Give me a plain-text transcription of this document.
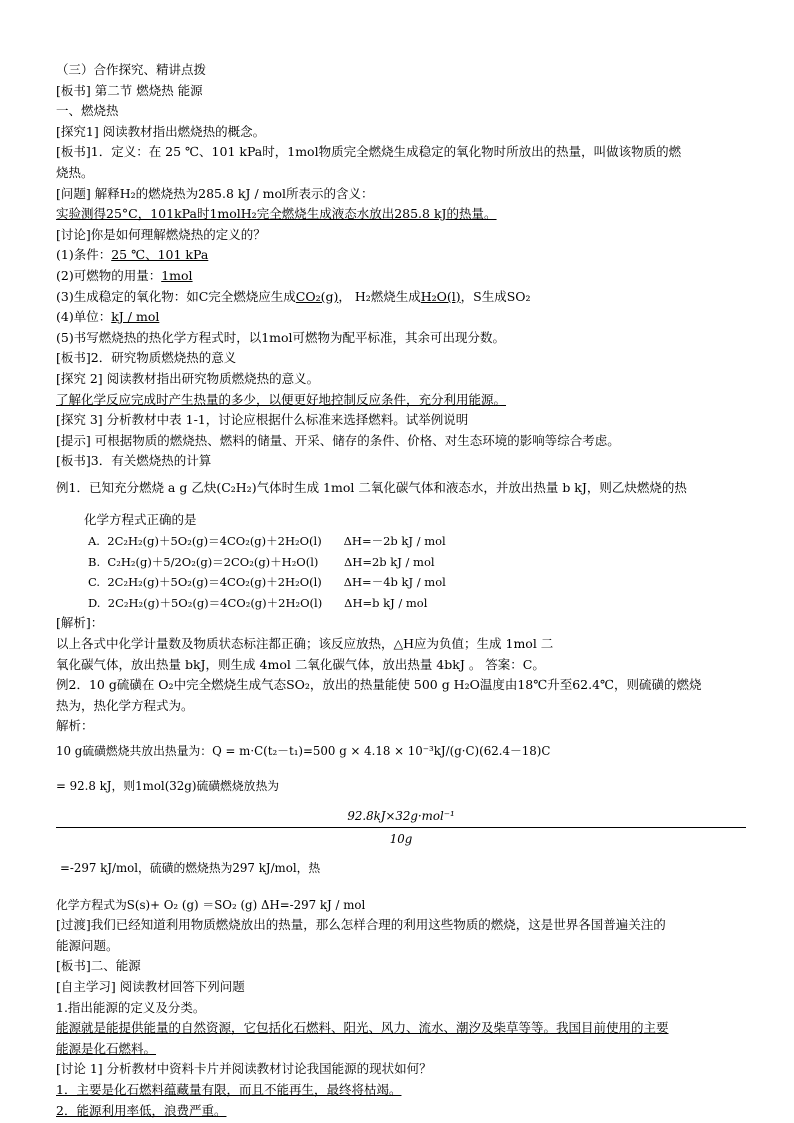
（三）合作探究、精讲点拨
[板书] 第二节 燃烧热 能源
一、燃烧热
[探究1] 阅读教材指出燃烧热的概念。
[板书]1．定义：在 25 ℃、101 kPa时，1mol物质完全燃烧生成稳定的氧化物时所放出的热量，叫做该物质的燃
烧热。
[问题] 解释H₂的燃烧热为285.8 kJ / mol所表示的含义：
实验测得25°C，101kPa时1molH₂完全燃烧生成液态水放出285.8 kJ的热量。
[讨论]你是如何理解燃烧热的定义的？
(1)条件：25 ℃、101 kPa
(2)可燃物的用量：1mol
(3)生成稳定的氧化物：如C完全燃烧应生成CO₂(g)， H₂燃烧生成H₂O(l)，S生成SO₂
(4)单位：kJ / mol
(5)书写燃烧热的热化学方程式时，以1mol可燃物为配平标准，其余可出现分数。
[板书]2．研究物质燃烧热的意义
[探究 2] 阅读教材指出研究物质燃烧热的意义。
了解化学反应完成时产生热量的多少，以便更好地控制反应条件，充分利用能源。
[探究 3] 分析教材中表 1-1，讨论应根据什么标准来选择燃料。试举例说明
[提示] 可根据物质的燃烧热、燃料的储量、开采、储存的条件、价格、对生态环境的影响等综合考虑。
[板书]3．有关燃烧热的计算
例1．已知充分燃烧 a g 乙炔(C₂H₂)气体时生成 1mol 二氧化碳气体和液态水，并放出热量 b kJ，则乙炔燃烧的热
化学方程式正确的是
A.  2C₂H₂(g)＋5O₂(g)＝4CO₂(g)＋2H₂O(l) ΔH=－2b kJ / mol
B.  C₂H₂(g)＋5/2O₂(g)＝2CO₂(g)＋H₂O(l) ΔH=2b kJ / mol
C.  2C₂H₂(g)＋5O₂(g)＝4CO₂(g)＋2H₂O(l) ΔH=－4b kJ / mol
D.  2C₂H₂(g)＋5O₂(g)＝4CO₂(g)＋2H₂O(l) ΔH=b kJ / mol
[解析]：
以上各式中化学计量数及物质状态标注都正确；该反应放热，△H应为负值；生成 1mol 二
氧化碳气体，放出热量 bkJ，则生成 4mol 二氧化碳气体，放出热量 4bkJ 。 答案：C。
例2．10 g硫磺在 O₂中完全燃烧生成气态SO₂，放出的热量能使 500 g H₂O温度由18℃升至62.4℃，则硫磺的燃烧
热为，热化学方程式为。
解析：
10 g硫磺燃烧共放出热量为：Q = m·C(t₂－t₁)=500 g × 4.18 × 10⁻³kJ/(g·C)(62.4－18)C
= 92.8 kJ，则1mol(32g)硫磺燃烧放热为
92.8kJ×32g·mol⁻¹
10g
=-297 kJ/mol，硫磺的燃烧热为297 kJ/mol，热
化学方程式为S(s)+ O₂ (g) ＝SO₂ (g) ΔH=-297 kJ / mol
[过渡]我们已经知道利用物质燃烧放出的热量，那么怎样合理的利用这些物质的燃烧，这是世界各国普遍关注的
能源问题。
[板书]二、能源
[自主学习] 阅读教材回答下列问题
1.指出能源的定义及分类。
能源就是能提供能量的自然资源，它包括化石燃料、阳光、风力、流水、潮汐及柴草等等。我国目前使用的主要
能源是化石燃料。
[讨论 1] 分析教材中资料卡片并阅读教材讨论我国能源的现状如何？
1．主要是化石燃料蕴藏量有限，而且不能再生，最终将枯竭。
2．能源利用率低，浪费严重。
